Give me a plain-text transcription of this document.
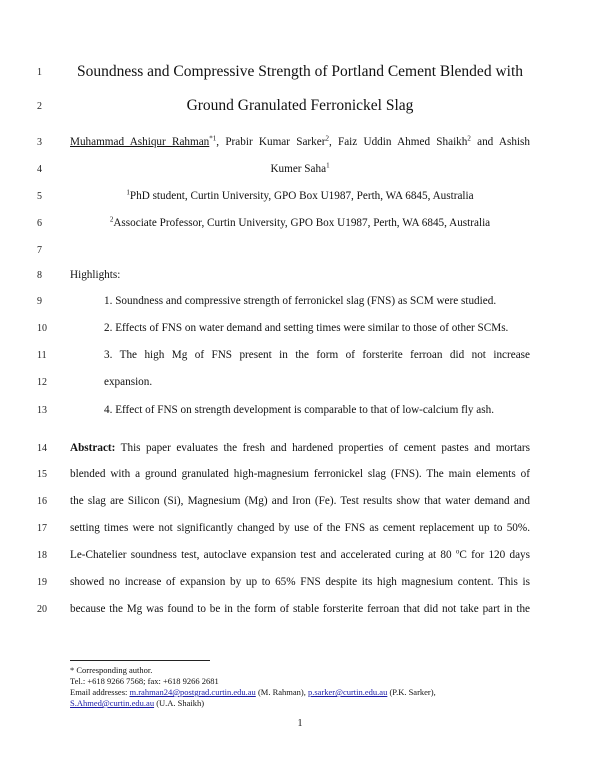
1
2
3
4
5
6
7
8
9
10
11
12
13
14
15
16
17
18
19
20
Soundness and Compressive Strength of Portland Cement Blended with
Ground Granulated Ferronickel Slag
Muhammad Ashiqur Rahman$^{*1}$, Prabir Kumar Sarker$^2$, Faiz Uddin Ahmed Shaikh$^2$ and Ashish
Kumer Saha$^1$
$^1$PhD student, Curtin University, GPO Box U1987, Perth, WA 6845, Australia
$^2$Associate Professor, Curtin University, GPO Box U1987, Perth, WA 6845, Australia
Highlights:
1. Soundness and compressive strength of ferronickel slag (FNS) as SCM were studied.
2. Effects of FNS on water demand and setting times were similar to those of other SCMs.
3. The high Mg of FNS present in the form of forsterite ferroan did not increase
expansion.
4. Effect of FNS on strength development is comparable to that of low-calcium fly ash.
Abstract: This paper evaluates the fresh and hardened properties of cement pastes and mortars
blended with a ground granulated high-magnesium ferronickel slag (FNS). The main elements of
the slag are Silicon (Si), Magnesium (Mg) and Iron (Fe). Test results show that water demand and
setting times were not significantly changed by use of the FNS as cement replacement up to 50%.
Le-Chatelier soundness test, autoclave expansion test and accelerated curing at 80 $^o$C for 120 days
showed no increase of expansion by up to 65% FNS despite its high magnesium content. This is
because the Mg was found to be in the form of stable forsterite ferroan that did not take part in the
* Corresponding author.
Tel.: +618 9266 7568; fax: +618 9266 2681
Email addresses: m.rahman24@postgrad.curtin.edu.au (M. Rahman), p.sarker@curtin.edu.au (P.K. Sarker),
S.Ahmed@curtin.edu.au (U.A. Shaikh)
1
